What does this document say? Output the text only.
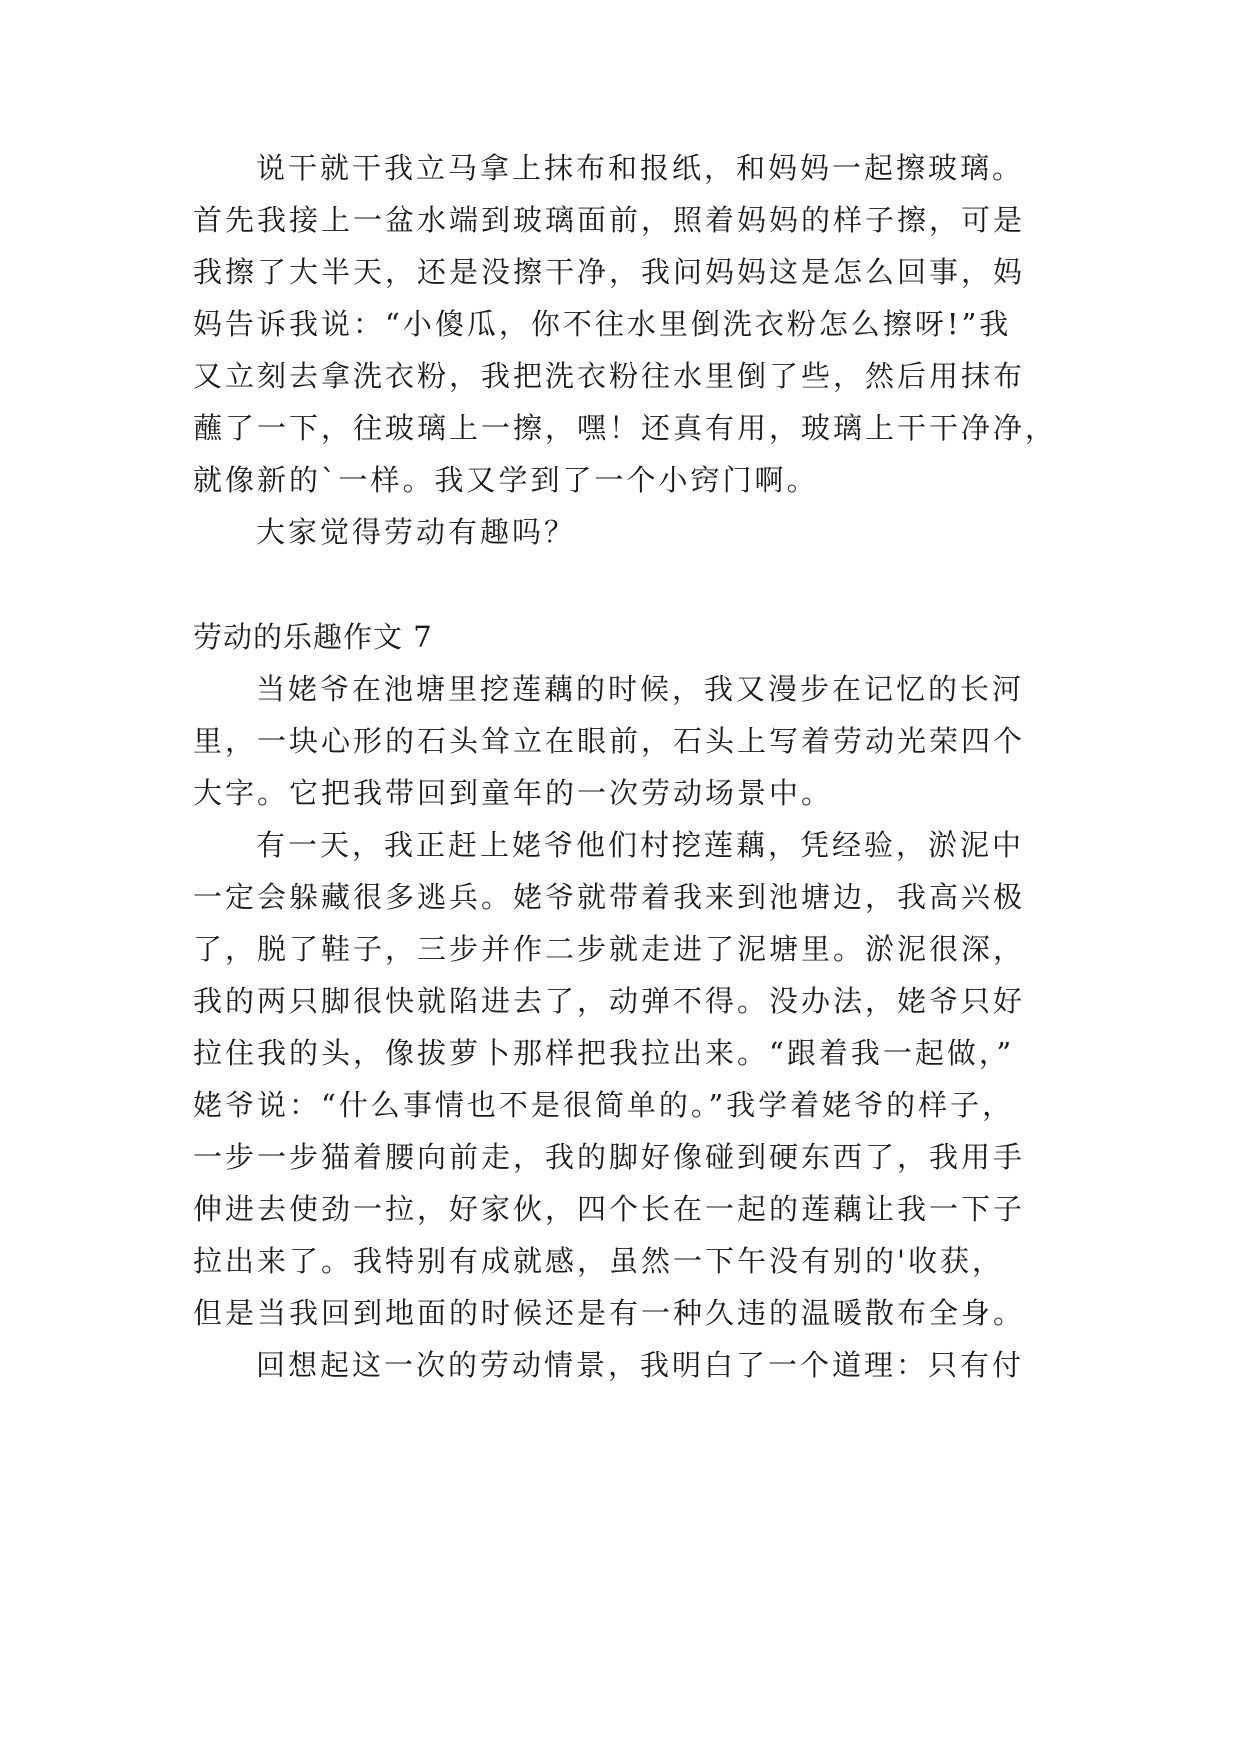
说干就干我立马拿上抹布和报纸，和妈妈一起擦玻璃。
首先我接上一盆水端到玻璃面前，照着妈妈的样子擦，可是
我擦了大半天，还是没擦干净，我问妈妈这是怎么回事，妈
妈告诉我说：“小傻瓜，你不往水里倒洗衣粉怎么擦呀!”我
又立刻去拿洗衣粉，我把洗衣粉往水里倒了些，然后用抹布
蘸了一下，往玻璃上一擦，嘿！还真有用，玻璃上干干净净，
就像新的`一样。我又学到了一个小窍门啊。
大家觉得劳动有趣吗？
劳动的乐趣作文 7
当姥爷在池塘里挖莲藕的时候，我又漫步在记忆的长河
里，一块心形的石头耸立在眼前，石头上写着劳动光荣四个
大字。它把我带回到童年的一次劳动场景中。
有一天，我正赶上姥爷他们村挖莲藕，凭经验，淤泥中
一定会躲藏很多逃兵。姥爷就带着我来到池塘边，我高兴极
了，脱了鞋子，三步并作二步就走进了泥塘里。淤泥很深，
我的两只脚很快就陷进去了，动弹不得。没办法，姥爷只好
拉住我的头，像拔萝卜那样把我拉出来。“跟着我一起做，”
姥爷说：“什么事情也不是很简单的。”我学着姥爷的样子，
一步一步猫着腰向前走，我的脚好像碰到硬东西了，我用手
伸进去使劲一拉，好家伙，四个长在一起的莲藕让我一下子
拉出来了。我特别有成就感，虽然一下午没有别的'收获，
但是当我回到地面的时候还是有一种久违的温暖散布全身。
回想起这一次的劳动情景，我明白了一个道理：只有付
